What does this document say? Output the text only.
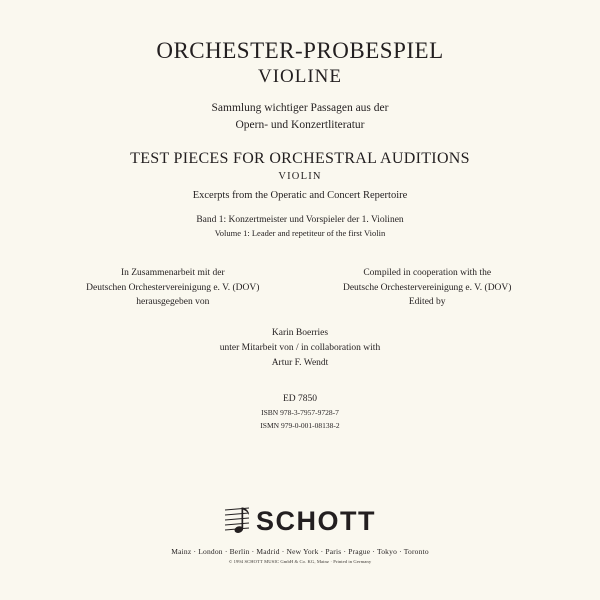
ORCHESTER-PROBESPIEL
VIOLINE
Sammlung wichtiger Passagen aus der
Opern- und Konzertliteratur
TEST PIECES FOR ORCHESTRAL AUDITIONS
VIOLIN
Excerpts from the Operatic and Concert Repertoire
Band 1: Konzertmeister und Vorspieler der 1. Violinen
Volume 1: Leader and repetiteur of the first Violin
In Zusammenarbeit mit der
Deutschen Orchestervereinigung e. V. (DOV)
herausgegeben von
Compiled in cooperation with the
Deutsche Orchestervereinigung e. V. (DOV)
Edited by
Karin Boerries
unter Mitarbeit von / in collaboration with
Artur F. Wendt
ED 7850
ISBN 978-3-7957-9728-7
ISMN 979-0-001-08138-2
SCHOTT
Mainz · London · Berlin · Madrid · New York · Paris · Prague · Tokyo · Toronto
© 1994 SCHOTT MUSIC GmbH & Co. KG, Mainz · Printed in Germany
